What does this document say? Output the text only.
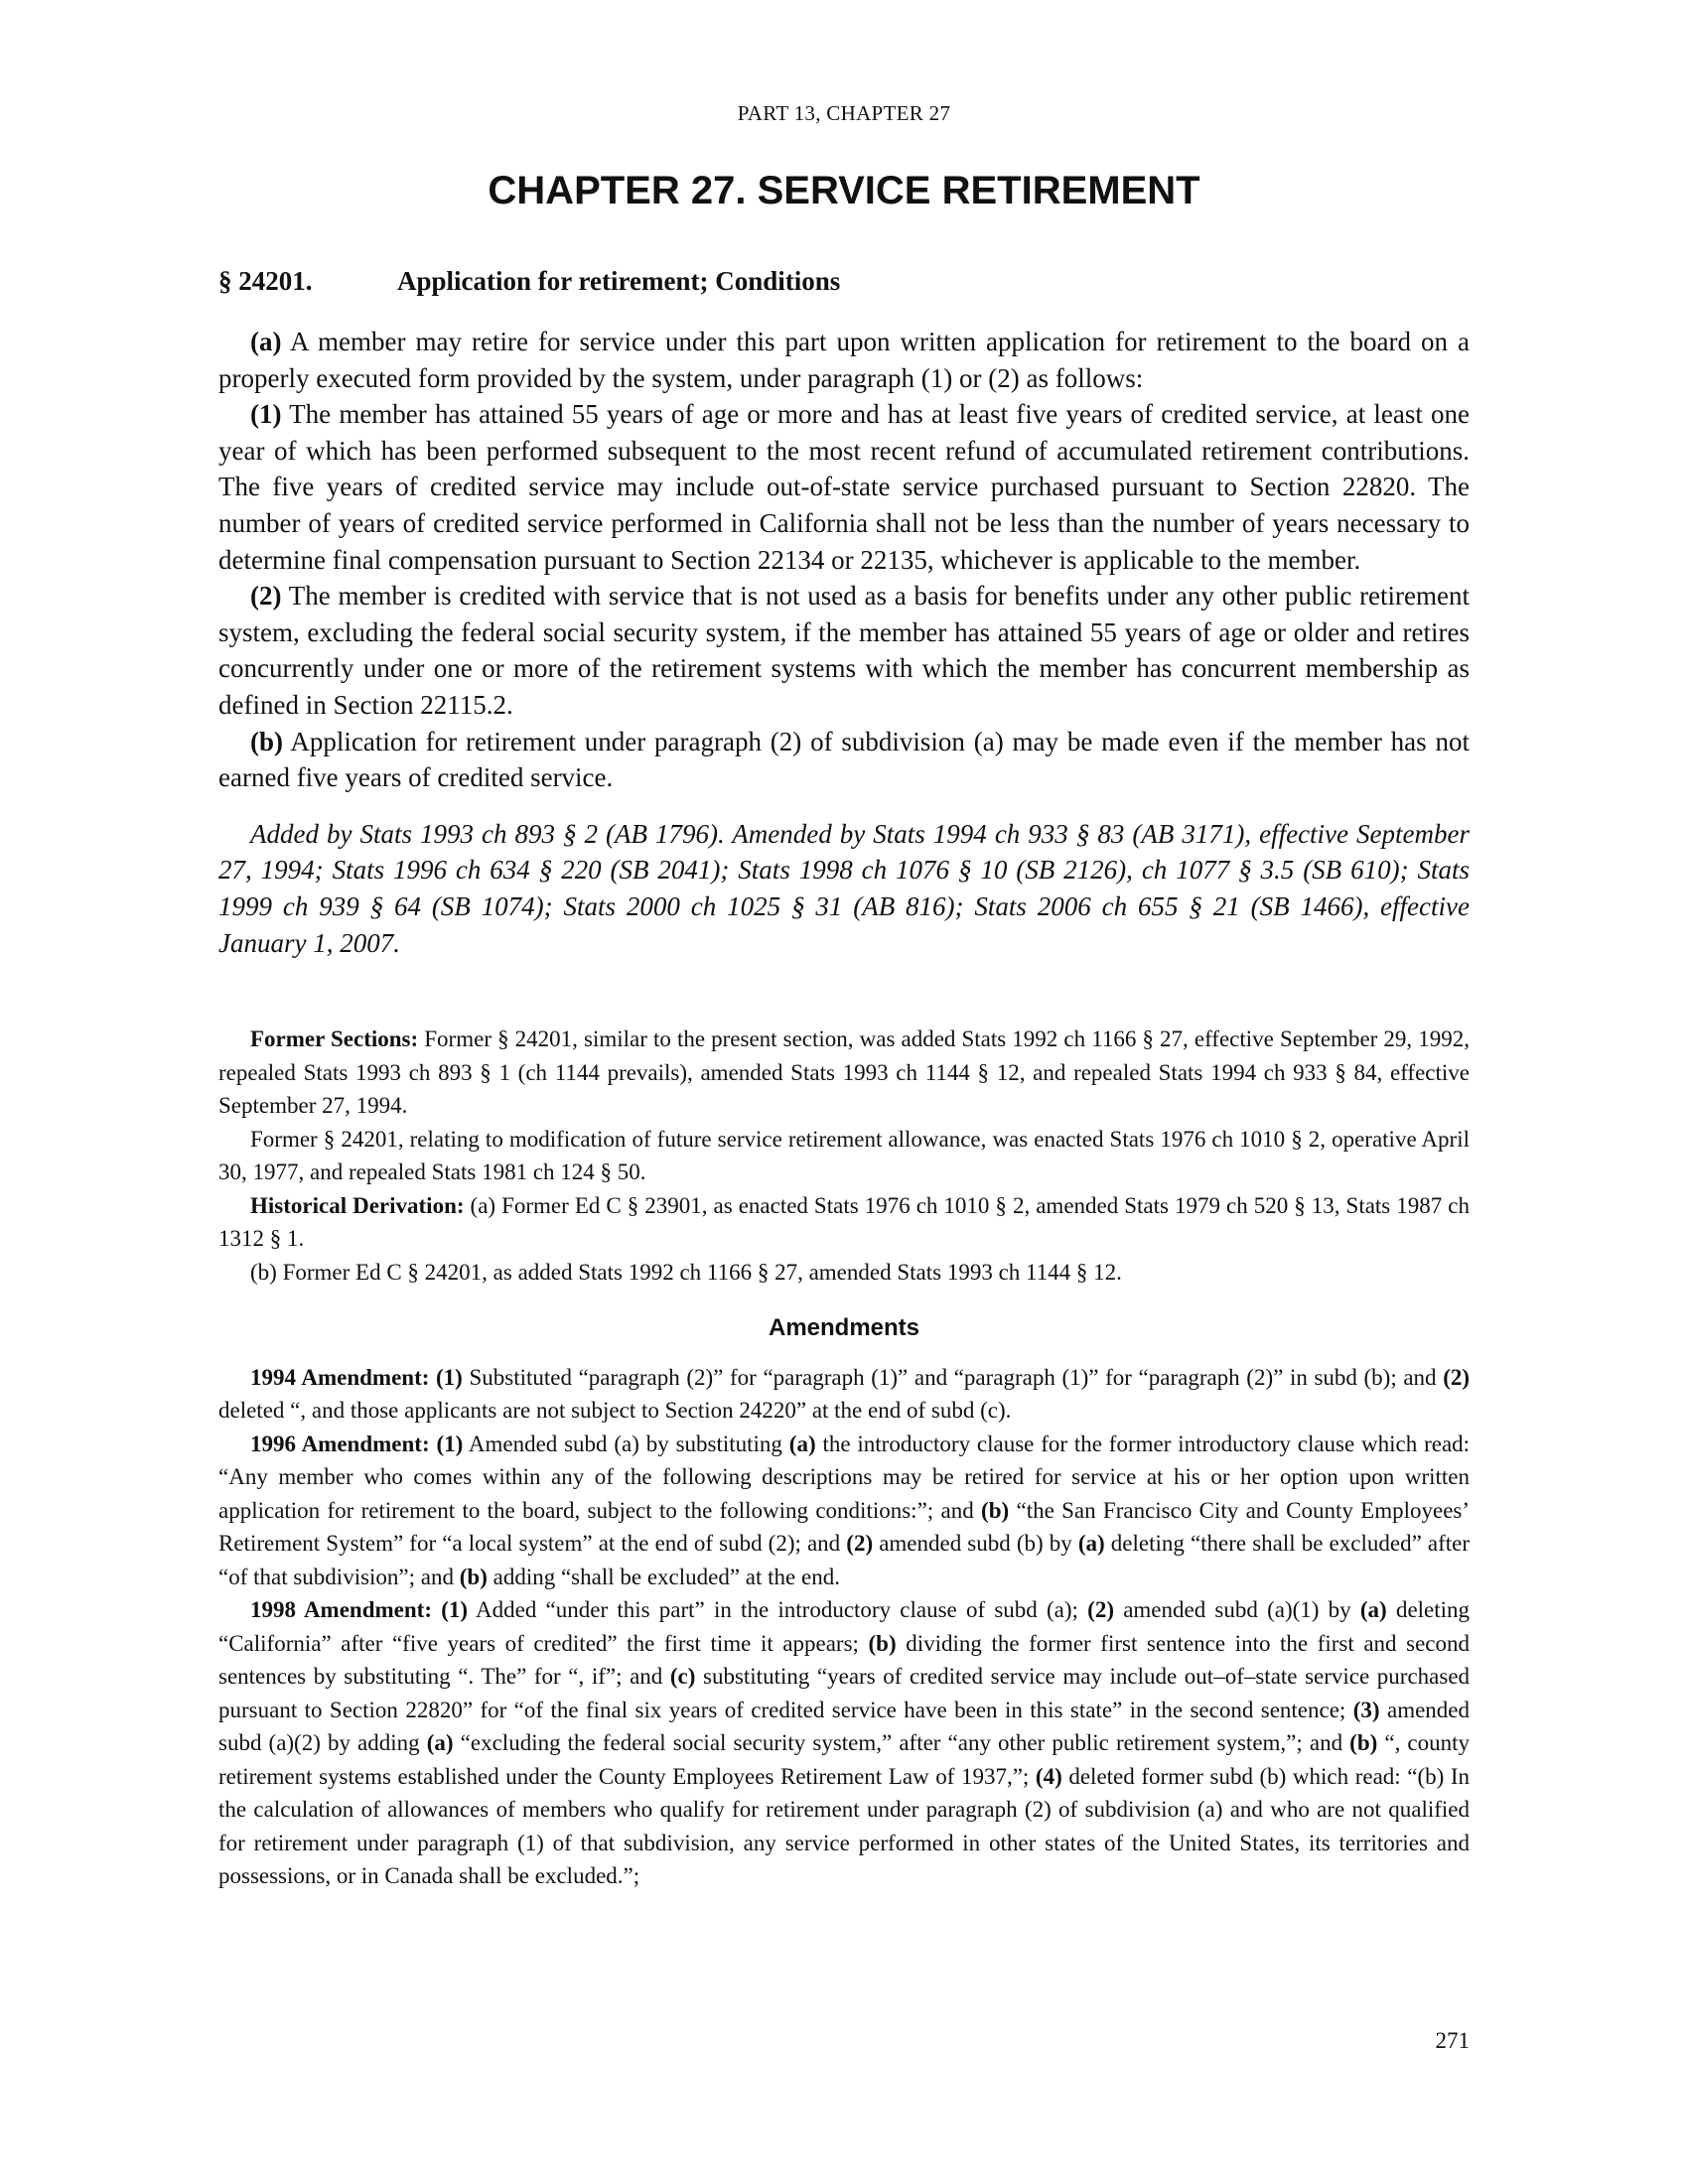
PART 13, CHAPTER 27
CHAPTER 27. SERVICE RETIREMENT
§ 24201.	Application for retirement; Conditions

(a) A member may retire for service under this part upon written application for retirement to the board on a properly executed form provided by the system, under paragraph (1) or (2) as follows:

(1) The member has attained 55 years of age or more and has at least five years of credited service, at least one year of which has been performed subsequent to the most recent refund of accumulated retirement contributions. The five years of credited service may include out-of-state service purchased pursuant to Section 22820. The number of years of credited service performed in California shall not be less than the number of years necessary to determine final compensation pursuant to Section 22134 or 22135, whichever is applicable to the member.

(2) The member is credited with service that is not used as a basis for benefits under any other public retirement system, excluding the federal social security system, if the member has attained 55 years of age or older and retires concurrently under one or more of the retirement systems with which the member has concurrent membership as defined in Section 22115.2.

(b) Application for retirement under paragraph (2) of subdivision (a) may be made even if the member has not earned five years of credited service.

Added by Stats 1993 ch 893 § 2 (AB 1796). Amended by Stats 1994 ch 933 § 83 (AB 3171), effective September 27, 1994; Stats 1996 ch 634 § 220 (SB 2041); Stats 1998 ch 1076 § 10 (SB 2126), ch 1077 § 3.5 (SB 610); Stats 1999 ch 939 § 64 (SB 1074); Stats 2000 ch 1025 § 31 (AB 816); Stats 2006 ch 655 § 21 (SB 1466), effective January 1, 2007.

Former Sections: Former § 24201, similar to the present section, was added Stats 1992 ch 1166 § 27, effective September 29, 1992, repealed Stats 1993 ch 893 § 1 (ch 1144 prevails), amended Stats 1993 ch 1144 § 12, and repealed Stats 1994 ch 933 § 84, effective September 27, 1994.

Former § 24201, relating to modification of future service retirement allowance, was enacted Stats 1976 ch 1010 § 2, operative April 30, 1977, and repealed Stats 1981 ch 124 § 50.

Historical Derivation: (a) Former Ed C § 23901, as enacted Stats 1976 ch 1010 § 2, amended Stats 1979 ch 520 § 13, Stats 1987 ch 1312 § 1.

(b) Former Ed C § 24201, as added Stats 1992 ch 1166 § 27, amended Stats 1993 ch 1144 § 12.

Amendments

1994 Amendment: (1) Substituted “paragraph (2)” for “paragraph (1)” and “paragraph (1)” for “paragraph (2)” in subd (b); and (2) deleted “, and those applicants are not subject to Section 24220” at the end of subd (c).

1996 Amendment: (1) Amended subd (a) by substituting (a) the introductory clause for the former introductory clause which read: “Any member who comes within any of the following descriptions may be retired for service at his or her option upon written application for retirement to the board, subject to the following conditions:”; and (b) “the San Francisco City and County Employees’ Retirement System” for “a local system” at the end of subd (2); and (2) amended subd (b) by (a) deleting “there shall be excluded” after “of that subdivision”; and (b) adding “shall be excluded” at the end.

1998 Amendment: (1) Added “under this part” in the introductory clause of subd (a); (2) amended subd (a)(1) by (a) deleting “California” after “five years of credited” the first time it appears; (b) dividing the former first sentence into the first and second sentences by substituting “. The” for “, if”; and (c) substituting “years of credited service may include out–of–state service purchased pursuant to Section 22820” for “of the final six years of credited service have been in this state” in the second sentence; (3) amended subd (a)(2) by adding (a) “excluding the federal social security system,” after “any other public retirement system,”; and (b) “, county retirement systems established under the County Employees Retirement Law of 1937,”; (4) deleted former subd (b) which read: “(b) In the calculation of allowances of members who qualify for retirement under paragraph (2) of subdivision (a) and who are not qualified for retirement under paragraph (1) of that subdivision, any service performed in other states of the United States, its territories and possessions, or in Canada shall be excluded.”;

271
